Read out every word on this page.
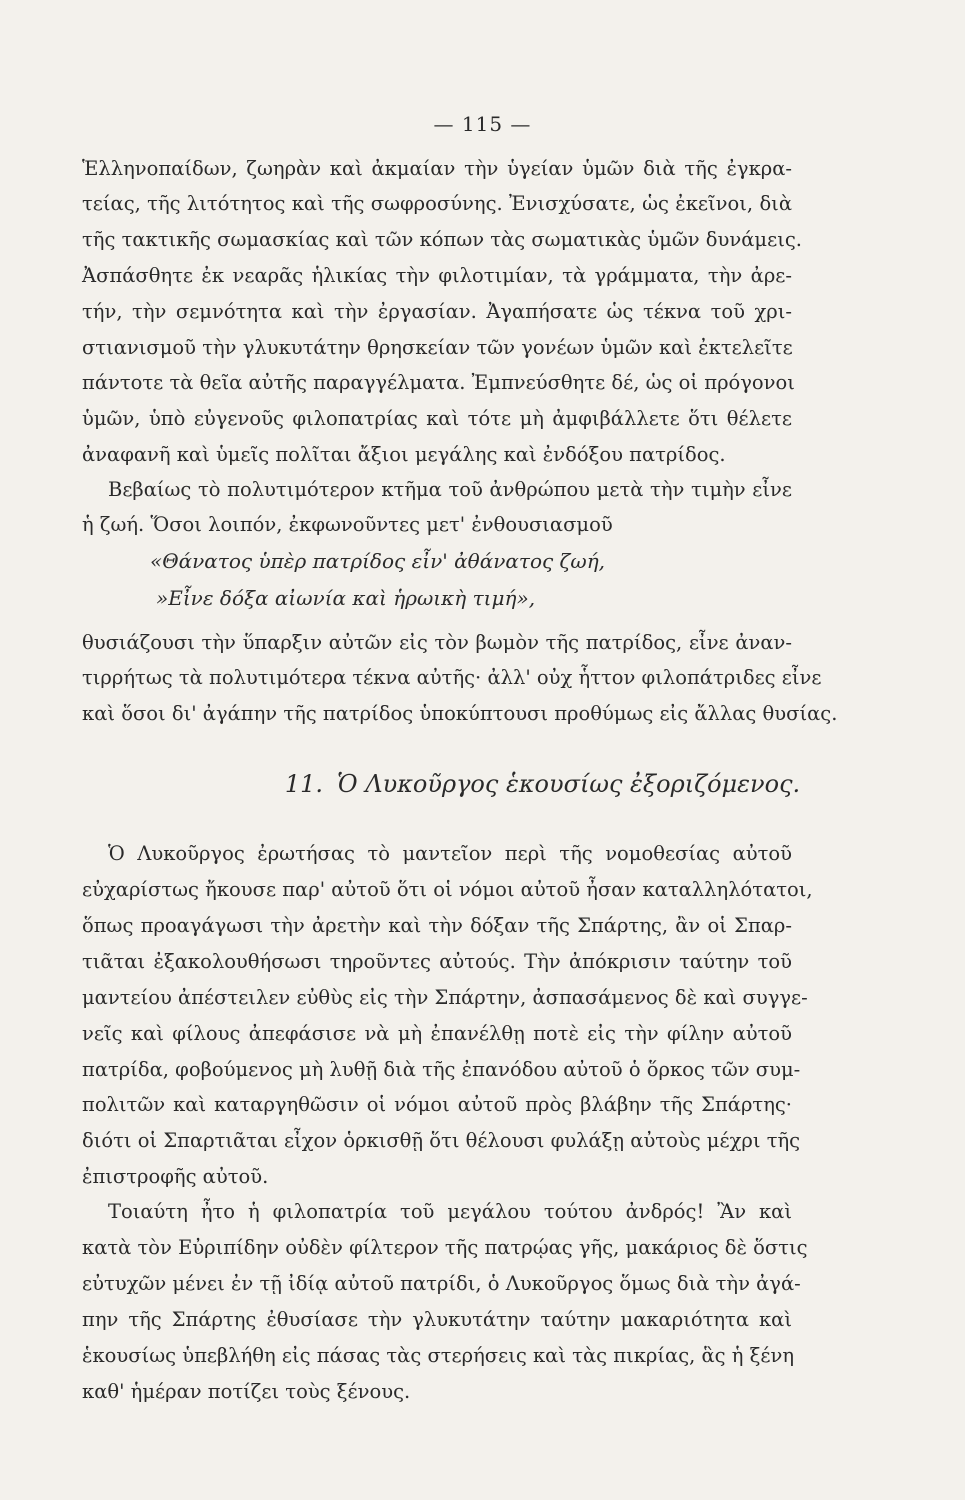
— 115 —
Ἑλληνοπαίδων, ζωηρὰν καὶ ἀκμαίαν τὴν ὑγείαν ὑμῶν διὰ τῆς ἐγκρα-
τείας, τῆς λιτότητος καὶ τῆς σωφροσύνης. Ἐνισχύσατε, ὡς ἐκεῖνοι, διὰ
τῆς τακτικῆς σωμασκίας καὶ τῶν κόπων τὰς σωματικὰς ὑμῶν δυνάμεις.
Ἀσπάσθητε ἐκ νεαρᾶς ἡλικίας τὴν φιλοτιμίαν, τὰ γράμματα, τὴν ἀρε-
τήν, τὴν σεμνότητα καὶ τὴν ἐργασίαν. Ἀγαπήσατε ὡς τέκνα τοῦ χρι-
στιανισμοῦ τὴν γλυκυτάτην θρησκείαν τῶν γονέων ὑμῶν καὶ ἐκτελεῖτε
πάντοτε τὰ θεῖα αὐτῆς παραγγέλματα. Ἐμπνεύσθητε δέ, ὡς οἱ πρόγονοι
ὑμῶν, ὑπὸ εὐγενοῦς φιλοπατρίας καὶ τότε μὴ ἀμφιβάλλετε ὅτι θέλετε
ἀναφανῆ καὶ ὑμεῖς πολῖται ἄξιοι μεγάλης καὶ ἐνδόξου πατρίδος.
Βεβαίως τὸ πολυτιμότερον κτῆμα τοῦ ἀνθρώπου μετὰ τὴν τιμὴν εἶνε
ἡ ζωή. Ὅσοι λοιπόν, ἐκφωνοῦντες μετ' ἐνθουσιασμοῦ
«Θάνατος ὑπὲρ πατρίδος εἶν' ἀθάνατος ζωή,
»Εἶνε δόξα αἰωνία καὶ ἡρωικὴ τιμή»,
θυσιάζουσι τὴν ὕπαρξιν αὐτῶν εἰς τὸν βωμὸν τῆς πατρίδος, εἶνε ἀναν-
τιρρήτως τὰ πολυτιμότερα τέκνα αὐτῆς· ἀλλ' οὐχ ἧττον φιλοπάτριδες εἶνε
καὶ ὅσοι δι' ἀγάπην τῆς πατρίδος ὑποκύπτουσι προθύμως εἰς ἄλλας θυσίας.
11. Ὁ Λυκοῦργος ἑκουσίως ἐξοριζόμενος.
Ὁ Λυκοῦργος ἐρωτήσας τὸ μαντεῖον περὶ τῆς νομοθεσίας αὐτοῦ
εὐχαρίστως ἤκουσε παρ' αὐτοῦ ὅτι οἱ νόμοι αὐτοῦ ἦσαν καταλληλότατοι,
ὅπως προαγάγωσι τὴν ἀρετὴν καὶ τὴν δόξαν τῆς Σπάρτης, ἂν οἱ Σπαρ-
τιᾶται ἐξακολουθήσωσι τηροῦντες αὐτούς. Τὴν ἀπόκρισιν ταύτην τοῦ
μαντείου ἀπέστειλεν εὐθὺς εἰς τὴν Σπάρτην, ἀσπασάμενος δὲ καὶ συγγε-
νεῖς καὶ φίλους ἀπεφάσισε νὰ μὴ ἐπανέλθῃ ποτὲ εἰς τὴν φίλην αὐτοῦ
πατρίδα, φοβούμενος μὴ λυθῇ διὰ τῆς ἐπανόδου αὐτοῦ ὁ ὅρκος τῶν συμ-
πολιτῶν καὶ καταργηθῶσιν οἱ νόμοι αὐτοῦ πρὸς βλάβην τῆς Σπάρτης·
διότι οἱ Σπαρτιᾶται εἶχον ὁρκισθῇ ὅτι θέλουσι φυλάξῃ αὐτοὺς μέχρι τῆς
ἐπιστροφῆς αὐτοῦ.
Τοιαύτη ἦτο ἡ φιλοπατρία τοῦ μεγάλου τούτου ἀνδρός! Ἂν καὶ
κατὰ τὸν Εὐριπίδην οὐδὲν φίλτερον τῆς πατρῴας γῆς, μακάριος δὲ ὅστις
εὐτυχῶν μένει ἐν τῇ ἰδίᾳ αὐτοῦ πατρίδι, ὁ Λυκοῦργος ὅμως διὰ τὴν ἀγά-
πην τῆς Σπάρτης ἐθυσίασε τὴν γλυκυτάτην ταύτην μακαριότητα καὶ
ἑκουσίως ὑπεβλήθη εἰς πάσας τὰς στερήσεις καὶ τὰς πικρίας, ἃς ἡ ξένη
καθ' ἡμέραν ποτίζει τοὺς ξένους.
